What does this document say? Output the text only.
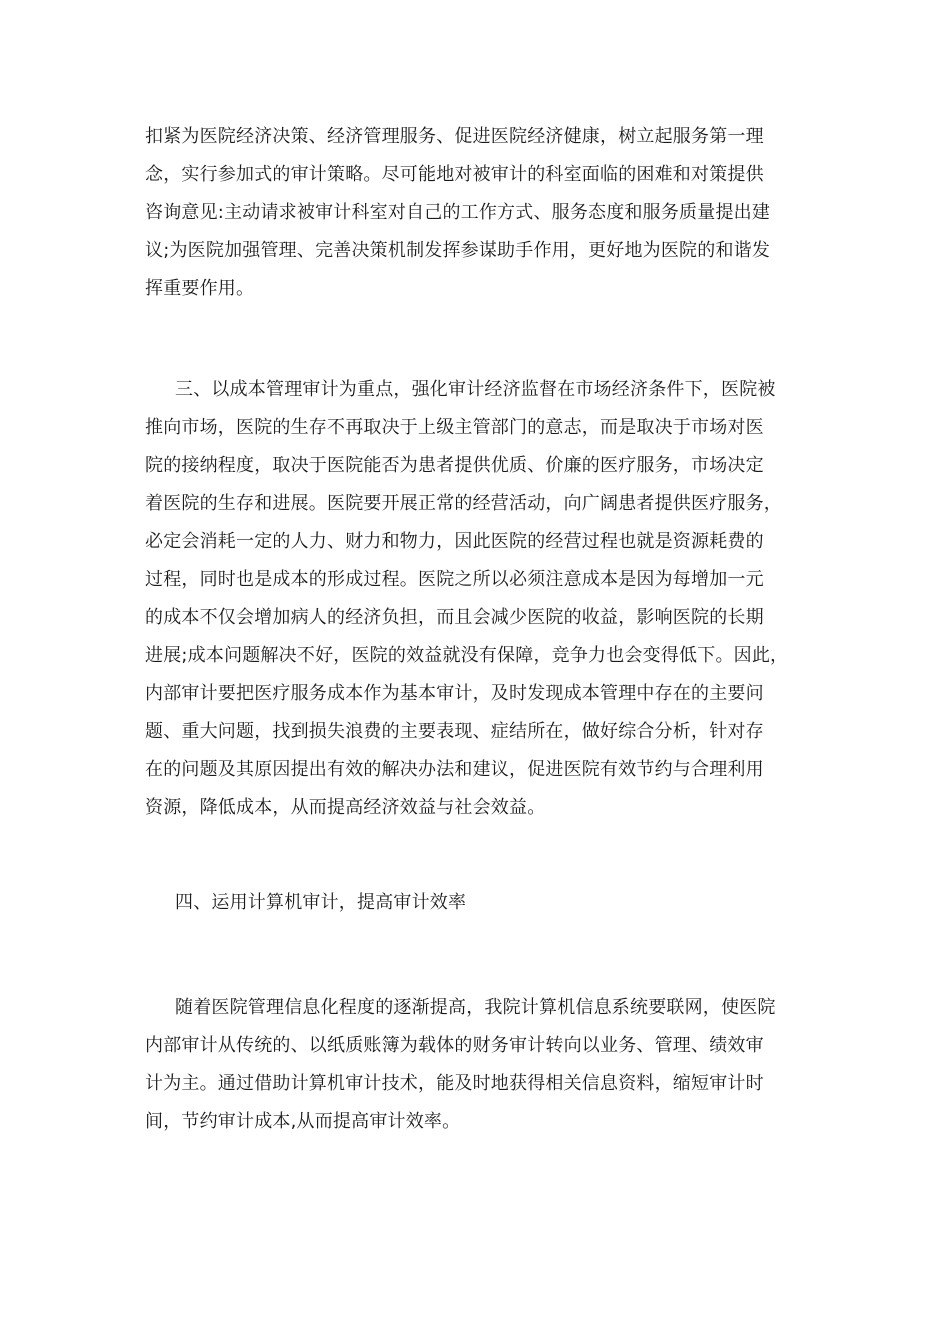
扣紧为医院经济决策、经济管理服务、促进医院经济健康，树立起服务第一理
念，实行参加式的审计策略。尽可能地对被审计的科室面临的困难和对策提供
咨询意见:主动请求被审计科室对自己的工作方式、服务态度和服务质量提出建
议;为医院加强管理、完善决策机制发挥参谋助手作用，更好地为医院的和谐发
挥重要作用。
三、以成本管理审计为重点，强化审计经济监督在市场经济条件下，医院被
推向市场，医院的生存不再取决于上级主管部门的意志，而是取决于市场对医
院的接纳程度，取决于医院能否为患者提供优质、价廉的医疗服务，市场决定
着医院的生存和进展。医院要开展正常的经营活动，向广阔患者提供医疗服务，
必定会消耗一定的人力、财力和物力，因此医院的经营过程也就是资源耗费的
过程，同时也是成本的形成过程。医院之所以必须注意成本是因为每增加一元
的成本不仅会增加病人的经济负担，而且会减少医院的收益，影响医院的长期
进展;成本问题解决不好，医院的效益就没有保障，竞争力也会变得低下。因此，
内部审计要把医疗服务成本作为基本审计，及时发现成本管理中存在的主要问
题、重大问题，找到损失浪费的主要表现、症结所在，做好综合分析，针对存
在的问题及其原因提出有效的解决办法和建议，促进医院有效节约与合理利用
资源，降低成本，从而提高经济效益与社会效益。
四、运用计算机审计，提高审计效率
随着医院管理信息化程度的逐渐提高，我院计算机信息系统要联网，使医院
内部审计从传统的、以纸质账簿为载体的财务审计转向以业务、管理、绩效审
计为主。通过借助计算机审计技术，能及时地获得相关信息资料，缩短审计时
间，节约审计成本,从而提高审计效率。
